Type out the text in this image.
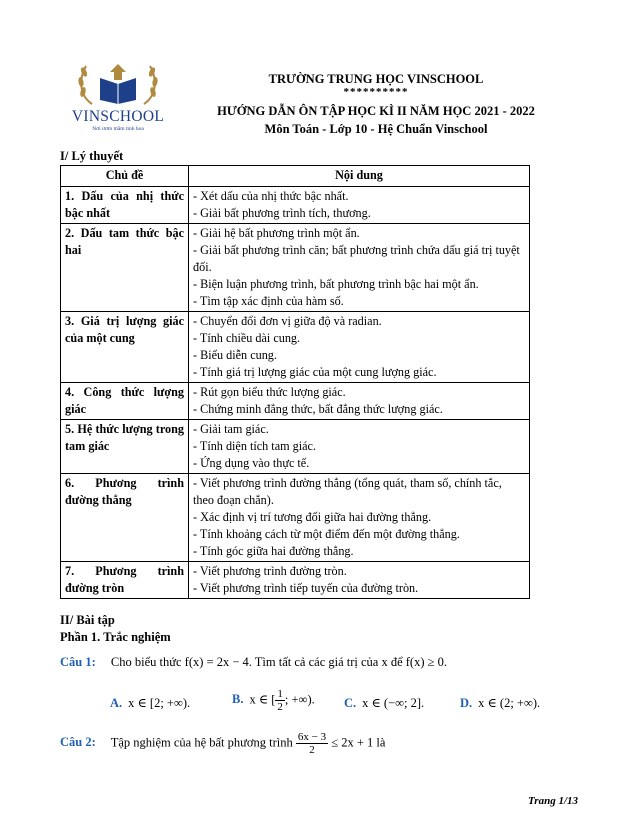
VINSCHOOL
Nơi ươm mầm tinh hoa
TRƯỜNG TRUNG HỌC VINSCHOOL
**********
HƯỚNG DẪN ÔN TẬP HỌC KÌ II NĂM HỌC 2021 - 2022
Môn Toán - Lớp 10 - Hệ Chuẩn Vinschool
I/ Lý thuyết
Chủ đề	Nội dung
1. Dấu của nhị thức bậc nhất	- Xét dấu của nhị thức bậc nhất.
- Giải bất phương trình tích, thương.

2. Dấu tam thức bậc hai	- Giải hệ bất phương trình một ẩn.
- Giải bất phương trình căn; bất phương trình chứa dấu giá trị tuyệt đối.
- Biện luận phương trình, bất phương trình bậc hai một ẩn.
- Tìm tập xác định của hàm số.

3. Giá trị lượng giác của một cung	- Chuyển đổi đơn vị giữa độ và radian.
- Tính chiều dài cung.
- Biểu diễn cung.
- Tính giá trị lượng giác của một cung lượng giác.

4. Công thức lượng giác	- Rút gọn biểu thức lượng giác.
- Chứng minh đẳng thức, bất đẳng thức lượng giác.

5. Hệ thức lượng trong tam giác	- Giải tam giác.
- Tính diện tích tam giác.
- Ứng dụng vào thực tế.

6. Phương trình đường thẳng	- Viết phương trình đường thẳng (tổng quát, tham số, chính tắc, theo đoạn chắn).
- Xác định vị trí tương đối giữa hai đường thẳng.
- Tính khoảng cách từ một điểm đến một đường thẳng.
- Tính góc giữa hai đường thẳng.

7. Phương trình đường tròn	- Viết phương trình đường tròn.
- Viết phương trình tiếp tuyến của đường tròn.
II/ Bài tập
Phần 1. Trắc nghiệm
Câu 1: Cho biểu thức f(x) = 2x − 4. Tìm tất cả các giá trị của x để f(x) ≥ 0.
A. x ∈ [2; +∞).	B. x ∈ [ $\frac{1}{2}$ ; +∞). C. x ∈ (−∞; 2].	D. x ∈ (2; +∞).
Câu 2: Tập nghiệm của hệ bất phương trình $\frac{6x - 3}{2} \le 2x + 1$ là
Trang 1/13
